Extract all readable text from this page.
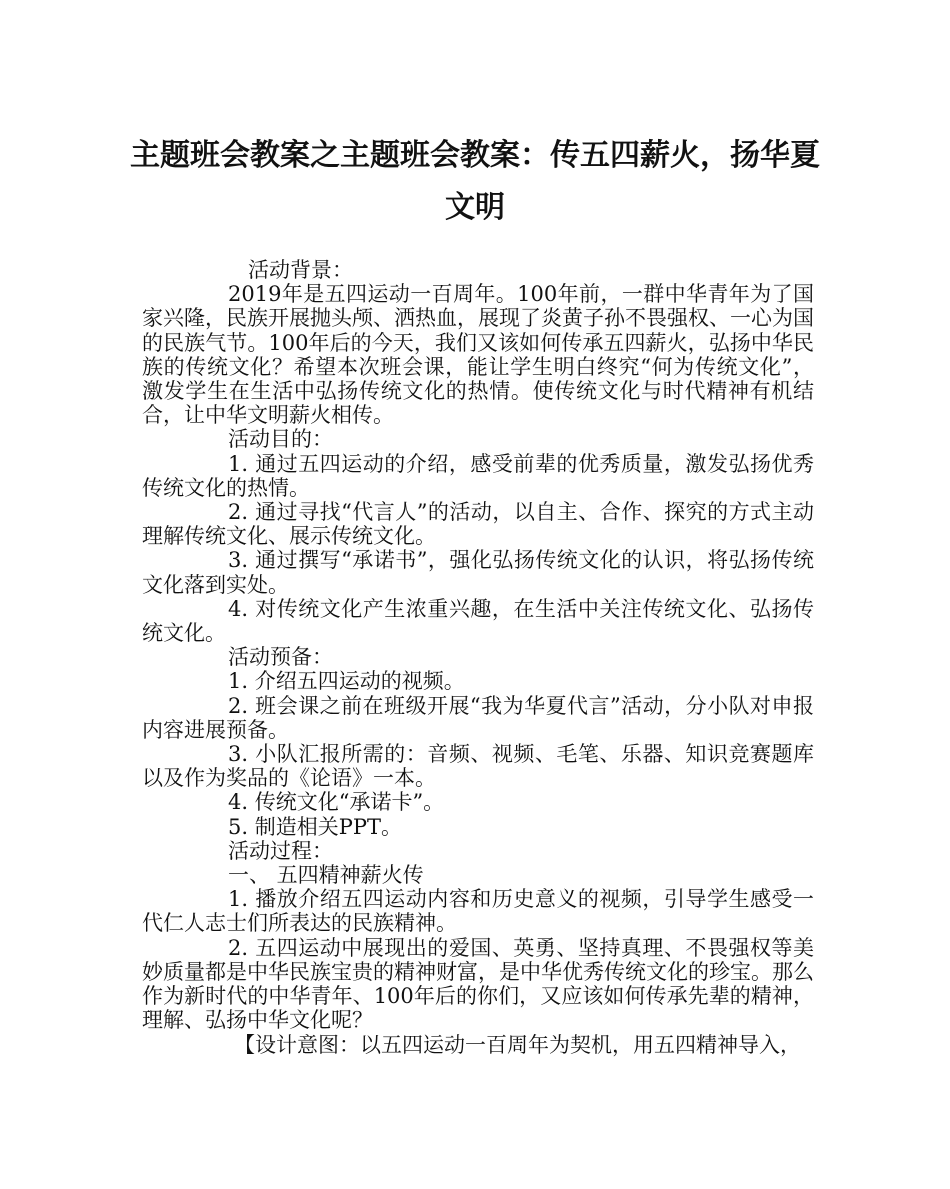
主题班会教案之主题班会教案：传五四薪火，扬华夏文明

活动背景：

2019年是五四运动一百周年。100年前，一群中华青年为了国家兴隆，民族开展抛头颅、洒热血，展现了炎黄子孙不畏强权、一心为国的民族气节。100年后的今天，我们又该如何传承五四薪火，弘扬中华民族的传统文化？希望本次班会课，能让学生明白终究“何为传统文化”，激发学生在生活中弘扬传统文化的热情。使传统文化与时代精神有机结合，让中华文明薪火相传。

活动目的：

1. 通过五四运动的介绍，感受前辈的优秀质量，激发弘扬优秀传统文化的热情。

2. 通过寻找“代言人”的活动，以自主、合作、探究的方式主动理解传统文化、展示传统文化。

3. 通过撰写“承诺书”，强化弘扬传统文化的认识，将弘扬传统文化落到实处。

4. 对传统文化产生浓重兴趣，在生活中关注传统文化、弘扬传统文化。

活动预备：

1. 介绍五四运动的视频。

2. 班会课之前在班级开展“我为华夏代言”活动，分小队对申报内容进展预备。

3. 小队汇报所需的：音频、视频、毛笔、乐器、知识竞赛题库以及作为奖品的《论语》一本。

4. 传统文化“承诺卡”。

5. 制造相关PPT。

活动过程：

一、 五四精神薪火传

1. 播放介绍五四运动内容和历史意义的视频，引导学生感受一代仁人志士们所表达的民族精神。

2. 五四运动中展现出的爱国、英勇、坚持真理、不畏强权等美妙质量都是中华民族宝贵的精神财富，是中华优秀传统文化的珍宝。那么作为新时代的中华青年、100年后的你们，又应该如何传承先辈的精神，理解、弘扬中华文化呢？

【设计意图：以五四运动一百周年为契机，用五四精神导入，
